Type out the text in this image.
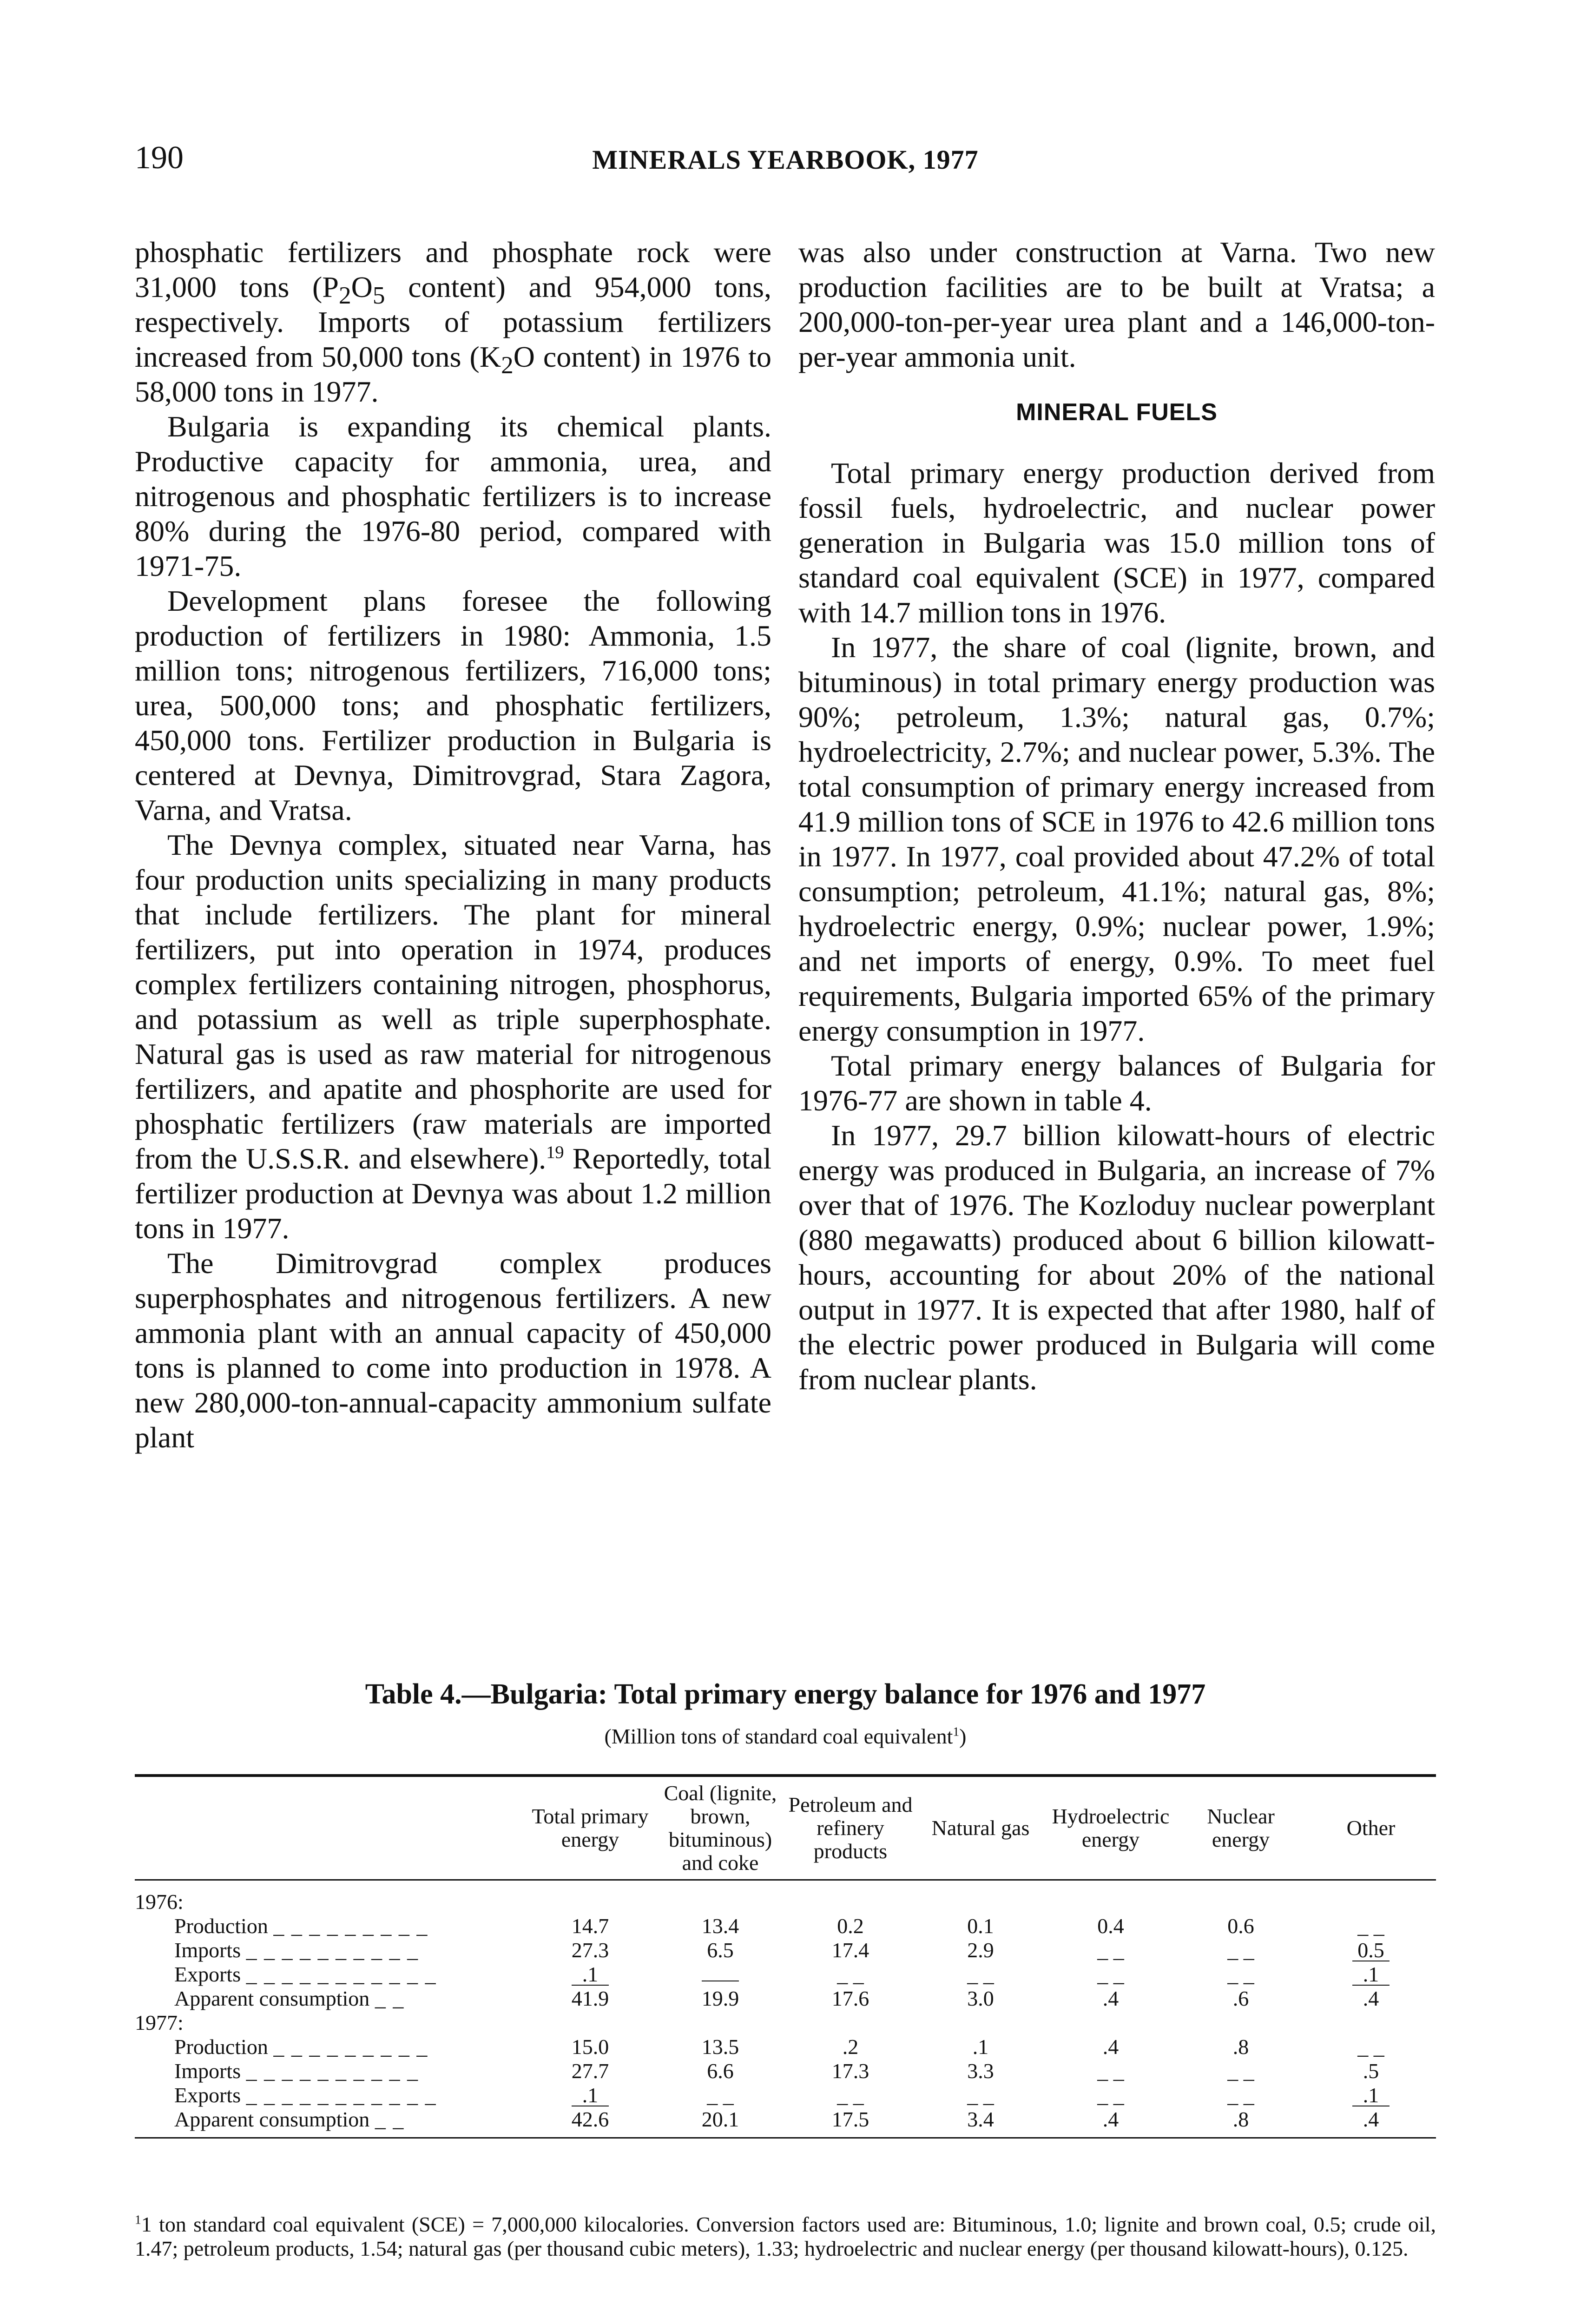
190	MINERALS YEARBOOK, 1977

phosphatic fertilizers and phosphate rock were 31,000 tons ($P_2O_5$ content) and 954,000 tons, respectively. Imports of potassium fertilizers increased from 50,000 tons ($K_2O$ content) in 1976 to 58,000 tons in 1977.

Bulgaria is expanding its chemical plants. Productive capacity for ammonia, urea, and nitrogenous and phosphatic fertilizers is to increase 80% during the 1976-80 period, compared with 1971-75.

Development plans foresee the following production of fertilizers in 1980: Ammonia, 1.5 million tons; nitrogenous fertilizers, 716,000 tons; urea, 500,000 tons; and phosphatic fertilizers, 450,000 tons. Fertilizer production in Bulgaria is centered at Devnya, Dimitrovgrad, Stara Zagora, Varna, and Vratsa.

The Devnya complex, situated near Varna, has four production units specializing in many products that include fertilizers. The plant for mineral fertilizers, put into operation in 1974, produces complex fertilizers containing nitrogen, phosphorus, and potassium as well as triple superphosphate. Natural gas is used as raw material for nitrogenous fertilizers, and apatite and phosphorite are used for phosphatic fertilizers (raw materials are imported from the U.S.S.R. and elsewhere).$^{19}$ Reportedly, total fertilizer production at Devnya was about 1.2 million tons in 1977.

The Dimitrovgrad complex produces superphosphates and nitrogenous fertilizers. A new ammonia plant with an annual capacity of 450,000 tons is planned to come into production in 1978. A new 280,000-ton-annual-capacity ammonium sulfate plant

was also under construction at Varna. Two new production facilities are to be built at Vratsa; a 200,000-ton-per-year urea plant and a 146,000-ton-per-year ammonia unit.

MINERAL FUELS

Total primary energy production derived from fossil fuels, hydroelectric, and nuclear power generation in Bulgaria was 15.0 million tons of standard coal equivalent (SCE) in 1977, compared with 14.7 million tons in 1976.

In 1977, the share of coal (lignite, brown, and bituminous) in total primary energy production was 90%; petroleum, 1.3%; natural gas, 0.7%; hydroelectricity, 2.7%; and nuclear power, 5.3%. The total consumption of primary energy increased from 41.9 million tons of SCE in 1976 to 42.6 million tons in 1977. In 1977, coal provided about 47.2% of total consumption; petroleum, 41.1%; natural gas, 8%; hydroelectric energy, 0.9%; nuclear power, 1.9%; and net imports of energy, 0.9%. To meet fuel requirements, Bulgaria imported 65% of the primary energy consumption in 1977.

Total primary energy balances of Bulgaria for 1976-77 are shown in table 4.

In 1977, 29.7 billion kilowatt-hours of electric energy was produced in Bulgaria, an increase of 7% over that of 1976. The Kozloduy nuclear powerplant (880 megawatts) produced about 6 billion kilowatt-hours, accounting for about 20% of the national output in 1977. It is expected that after 1980, half of the electric power produced in Bulgaria will come from nuclear plants.

Table 4.—Bulgaria: Total primary energy balance for 1976 and 1977
(Million tons of standard coal equivalent$^1$)
	Total primary energy	Coal (lignite, brown, bituminous) and coke	Petroleum and refinery products	Natural gas	Hydroelectric energy	Nuclear energy	Other

1976:							
Production _ _ _ _ _ _ _ _ _	14.7	13.4	0.2	0.1	0.4	0.6	_ _
Imports _ _ _ _ _ _ _ _ _ _	27.3	6.5	17.4	2.9	_ _	_ _	0.5
Exports _ _ _ _ _ _ _ _ _ _ _	.1		_ _	_ _	_ _	_ _	.1
Apparent consumption _ _	41.9	19.9	17.6	3.0	.4	.6	.4
1977:							
Production _ _ _ _ _ _ _ _ _	15.0	13.5	.2	.1	.4	.8	_ _
Imports _ _ _ _ _ _ _ _ _ _	27.7	6.6	17.3	3.3	_ _	_ _	.5
Exports _ _ _ _ _ _ _ _ _ _ _	.1	_ _	_ _	_ _	_ _	_ _	.1
Apparent consumption _ _	42.6	20.1	17.5	3.4	.4	.8	.4
$^1$1 ton standard coal equivalent (SCE) = 7,000,000 kilocalories. Conversion factors used are: Bituminous, 1.0; lignite and brown coal, 0.5; crude oil, 1.47; petroleum products, 1.54; natural gas (per thousand cubic meters), 1.33; hydroelectric and nuclear energy (per thousand kilowatt-hours), 0.125.
